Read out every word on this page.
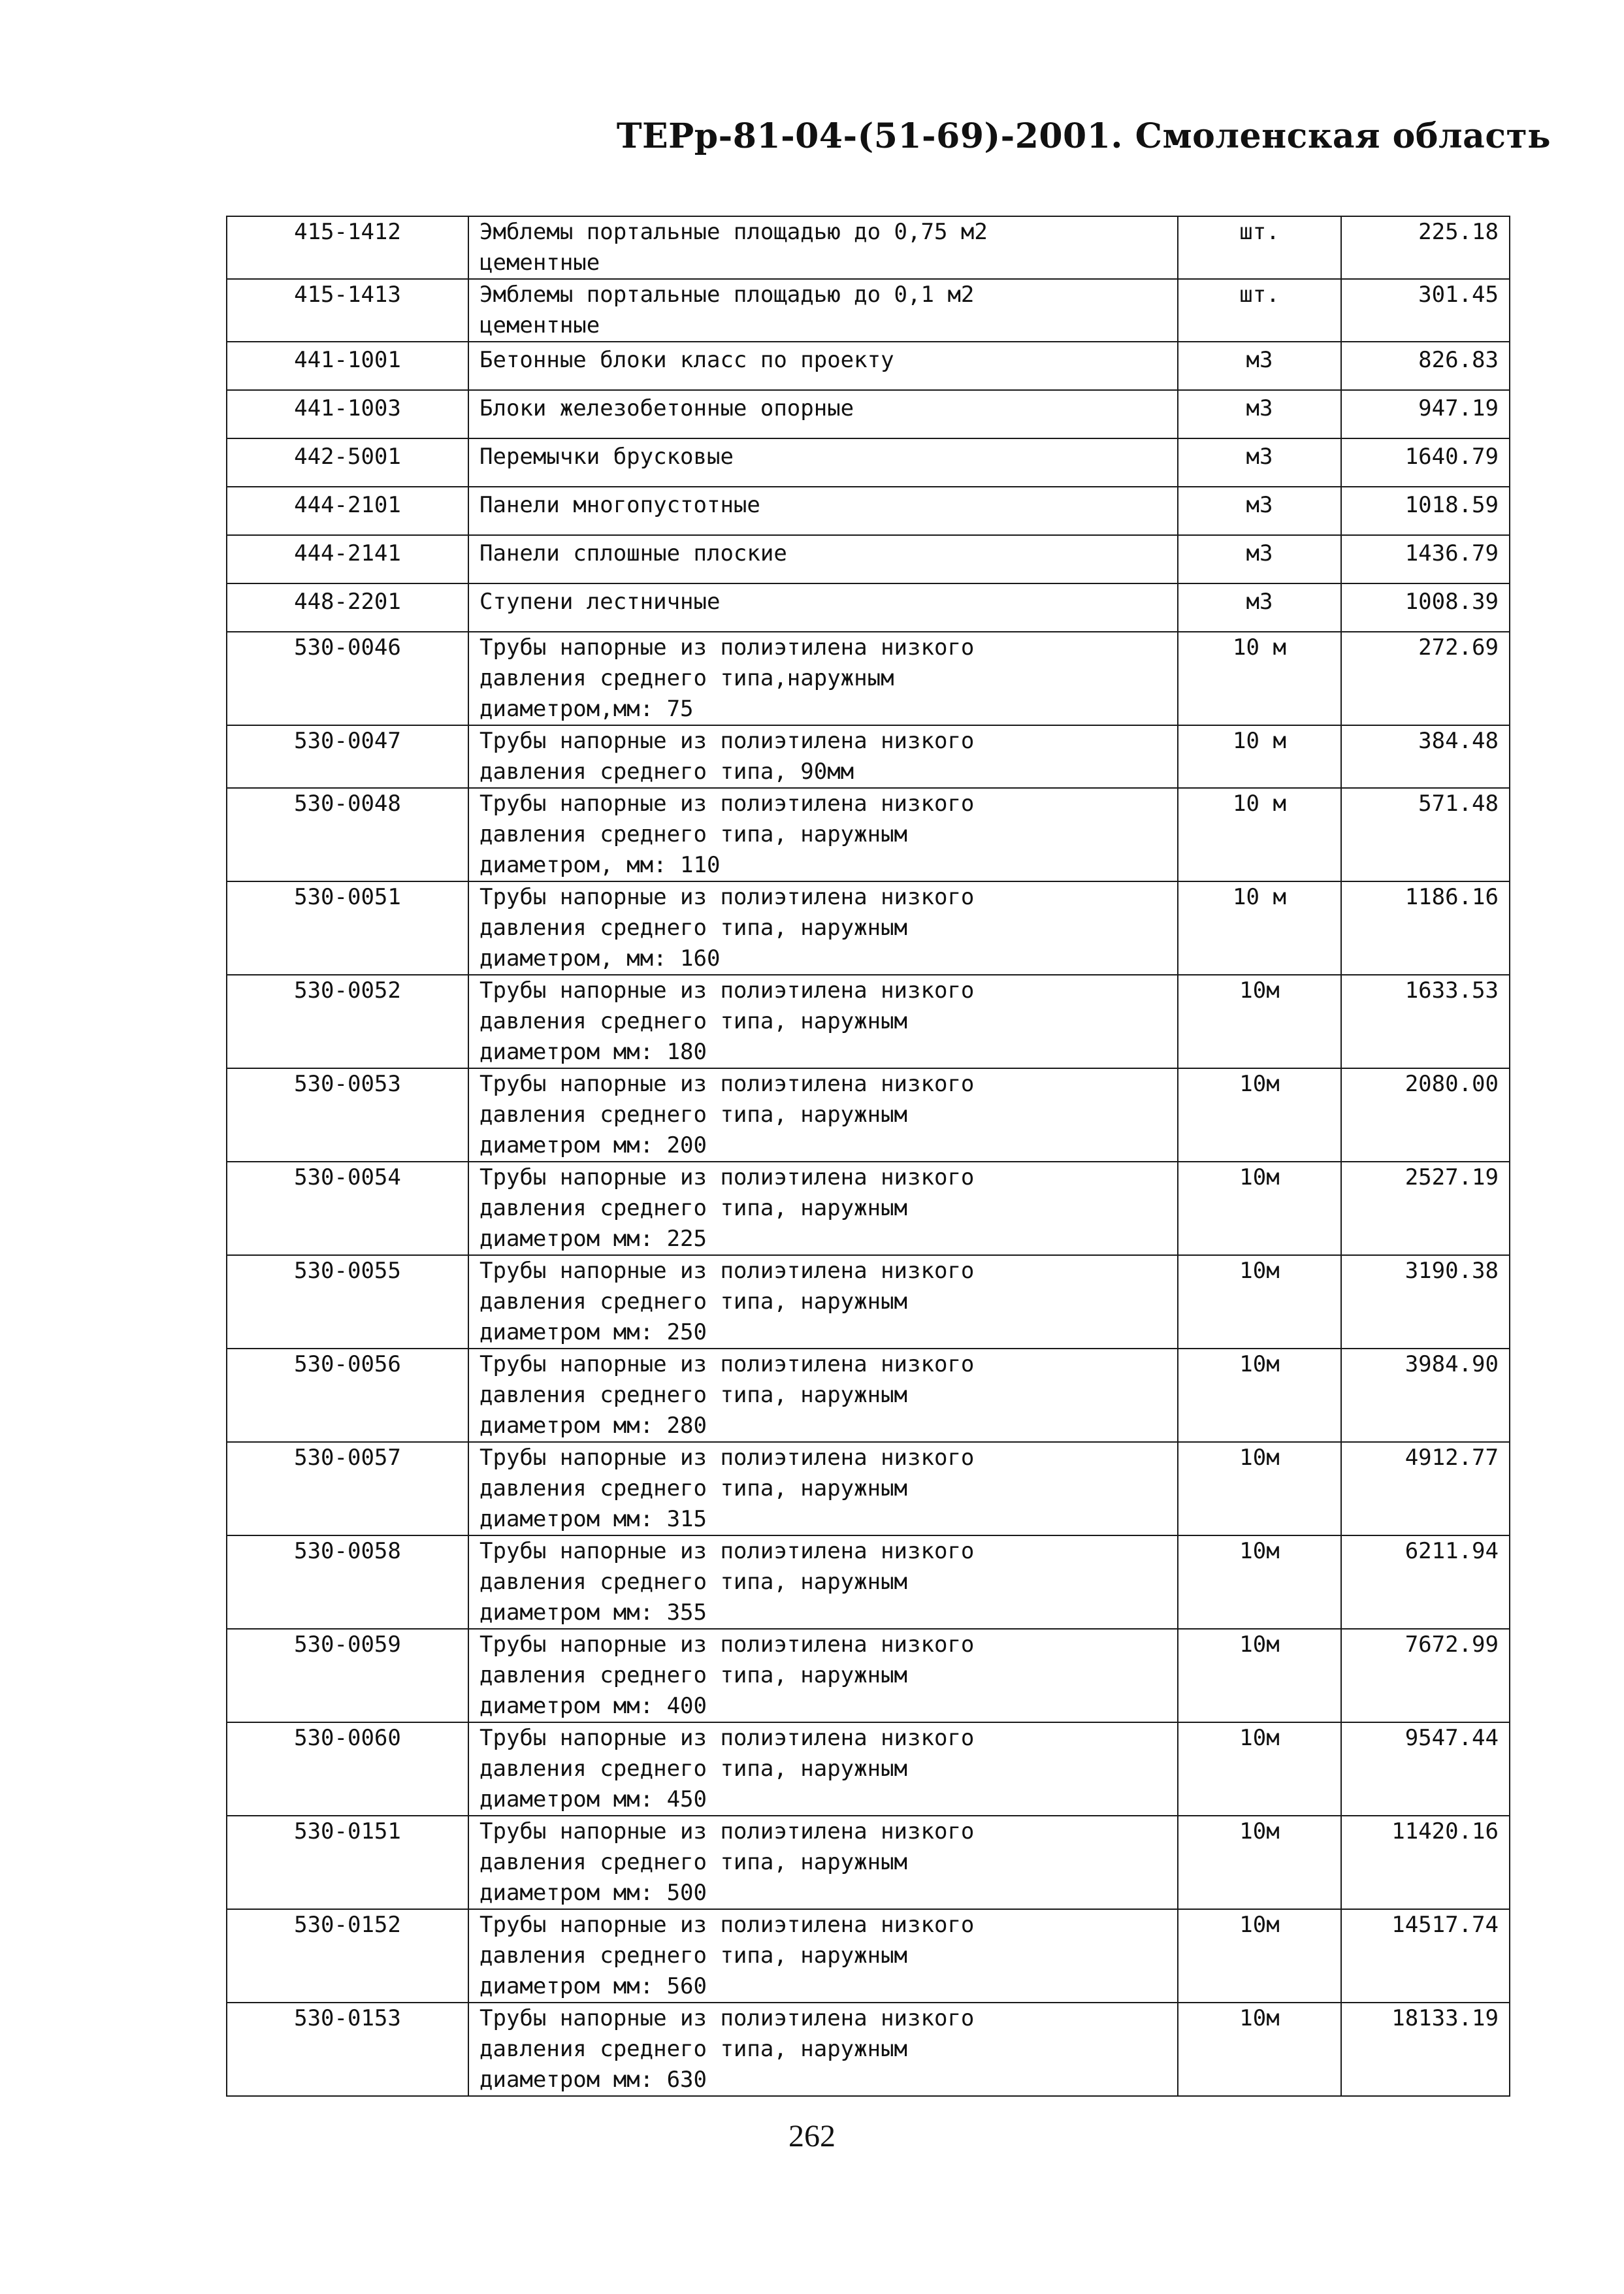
ТЕРр-81-04-(51-69)-2001. Смоленская область
415-1412	Эмблемы портальные площадью до 0,75 м2
цементные	шт.	225.18
415-1413	Эмблемы портальные площадью до 0,1 м2
цементные	шт.	301.45
441-1001	Бетонные блоки класс по проекту	м3	826.83
441-1003	Блоки железобетонные опорные	м3	947.19
442-5001	Перемычки брусковые	м3	1640.79
444-2101	Панели многопустотные	м3	1018.59
444-2141	Панели сплошные плоские	м3	1436.79
448-2201	Ступени лестничные	м3	1008.39
530-0046	Трубы напорные из полиэтилена низкого
давления среднего типа,наружным
диаметром,мм: 75	10 м	272.69
530-0047	Трубы напорные из полиэтилена низкого
давления среднего типа, 90мм	10 м	384.48
530-0048	Трубы напорные из полиэтилена низкого
давления среднего типа, наружным
диаметром, мм: 110	10 м	571.48
530-0051	Трубы напорные из полиэтилена низкого
давления среднего типа, наружным
диаметром, мм: 160	10 м	1186.16
530-0052	Трубы напорные из полиэтилена низкого
давления среднего типа, наружным
диаметром мм: 180	10м	1633.53
530-0053	Трубы напорные из полиэтилена низкого
давления среднего типа, наружным
диаметром мм: 200	10м	2080.00
530-0054	Трубы напорные из полиэтилена низкого
давления среднего типа, наружным
диаметром мм: 225	10м	2527.19
530-0055	Трубы напорные из полиэтилена низкого
давления среднего типа, наружным
диаметром мм: 250	10м	3190.38
530-0056	Трубы напорные из полиэтилена низкого
давления среднего типа, наружным
диаметром мм: 280	10м	3984.90
530-0057	Трубы напорные из полиэтилена низкого
давления среднего типа, наружным
диаметром мм: 315	10м	4912.77
530-0058	Трубы напорные из полиэтилена низкого
давления среднего типа, наружным
диаметром мм: 355	10м	6211.94
530-0059	Трубы напорные из полиэтилена низкого
давления среднего типа, наружным
диаметром мм: 400	10м	7672.99
530-0060	Трубы напорные из полиэтилена низкого
давления среднего типа, наружным
диаметром мм: 450	10м	9547.44
530-0151	Трубы напорные из полиэтилена низкого
давления среднего типа, наружным
диаметром мм: 500	10м	11420.16
530-0152	Трубы напорные из полиэтилена низкого
давления среднего типа, наружным
диаметром мм: 560	10м	14517.74
530-0153	Трубы напорные из полиэтилена низкого
давления среднего типа, наружным
диаметром мм: 630	10м	18133.19
262
